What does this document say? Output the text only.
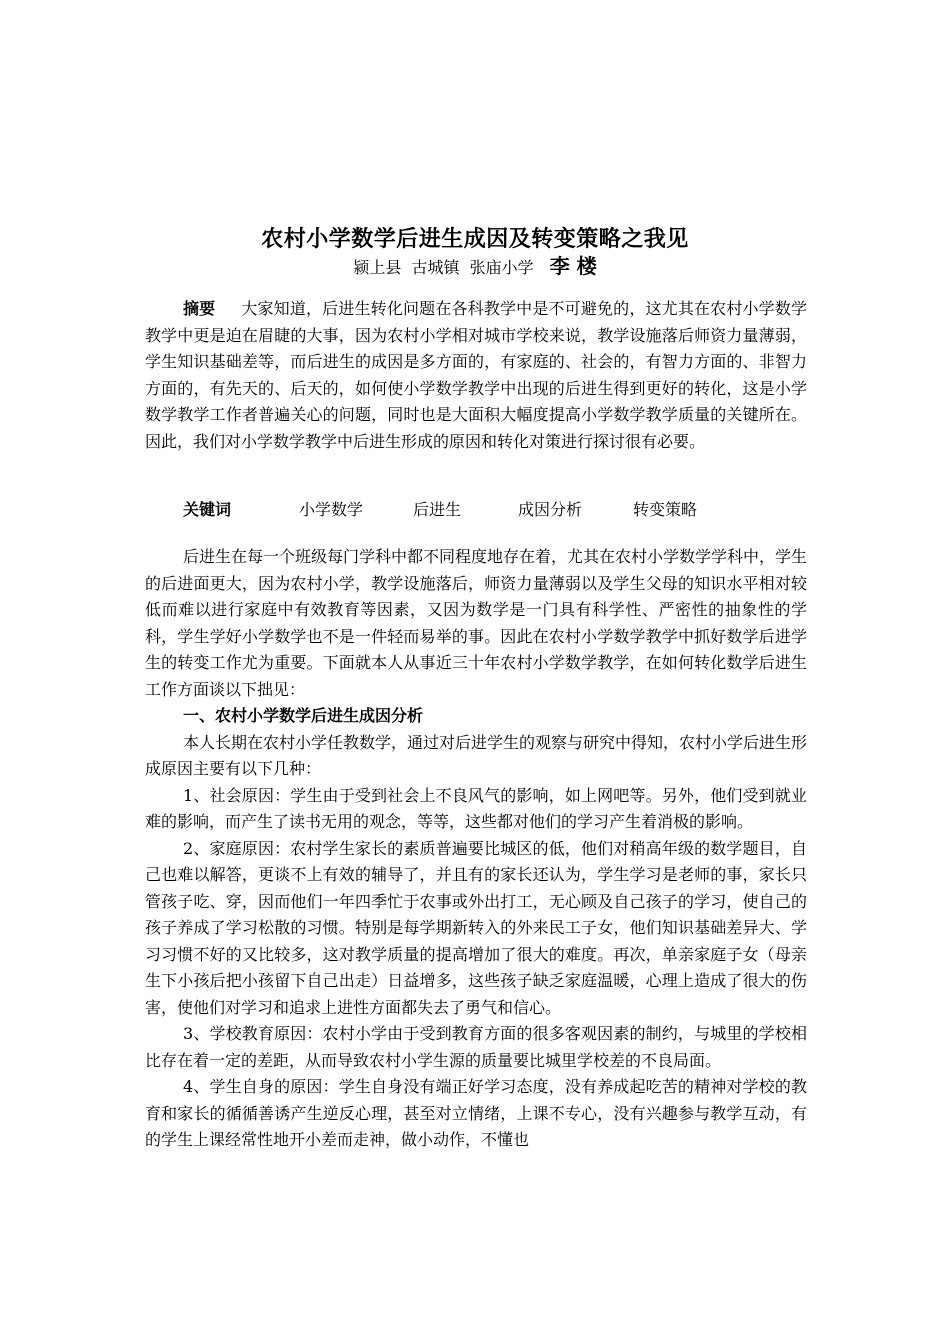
农村小学数学后进生成因及转变策略之我见
颍上县  古城镇  张庙小学 李 楼
摘要 大家知道，后进生转化问题在各科教学中是不可避免的，这尤其在农村小学数学教学中更是迫在眉睫的大事，因为农村小学相对城市学校来说，教学设施落后师资力量薄弱，学生知识基础差等，而后进生的成因是多方面的，有家庭的、社会的，有智力方面的、非智力方面的，有先天的、后天的，如何使小学数学教学中出现的后进生得到更好的转化，这是小学数学教学工作者普遍关心的问题，同时也是大面积大幅度提高小学数学教学质量的关键所在。因此，我们对小学数学教学中后进生形成的原因和转化对策进行探讨很有必要。
关键词	小学数学	后进生	成因分析	转变策略

后进生在每一个班级每门学科中都不同程度地存在着，尤其在农村小学数学学科中，学生的后进面更大，因为农村小学，教学设施落后，师资力量薄弱以及学生父母的知识水平相对较低而难以进行家庭中有效教育等因素，又因为数学是一门具有科学性、严密性的抽象性的学科，学生学好小学数学也不是一件轻而易举的事。因此在农村小学数学教学中抓好数学后进学生的转变工作尤为重要。下面就本人从事近三十年农村小学数学教学，在如何转化数学后进生工作方面谈以下拙见：

一、农村小学数学后进生成因分析

本人长期在农村小学任教数学，通过对后进学生的观察与研究中得知，农村小学后进生形成原因主要有以下几种：

1、社会原因：学生由于受到社会上不良风气的影响，如上网吧等。另外，他们受到就业难的影响，而产生了读书无用的观念，等等，这些都对他们的学习产生着消极的影响。

2、家庭原因：农村学生家长的素质普遍要比城区的低，他们对稍高年级的数学题目，自己也难以解答，更谈不上有效的辅导了，并且有的家长还认为，学生学习是老师的事，家长只管孩子吃、穿，因而他们一年四季忙于农事或外出打工，无心顾及自己孩子的学习，使自己的孩子养成了学习松散的习惯。特别是每学期新转入的外来民工子女，他们知识基础差异大、学习习惯不好的又比较多，这对教学质量的提高增加了很大的难度。再次，单亲家庭子女（母亲生下小孩后把小孩留下自己出走）日益增多，这些孩子缺乏家庭温暖，心理上造成了很大的伤害，使他们对学习和追求上进性方面都失去了勇气和信心。

3、学校教育原因：农村小学由于受到教育方面的很多客观因素的制约，与城里的学校相比存在着一定的差距，从而导致农村小学生源的质量要比城里学校差的不良局面。

4、学生自身的原因：学生自身没有端正好学习态度，没有养成起吃苦的精神对学校的教育和家长的循循善诱产生逆反心理，甚至对立情绪，上课不专心，没有兴趣参与教学互动，有的学生上课经常性地开小差而走神，做小动作，不懂也
